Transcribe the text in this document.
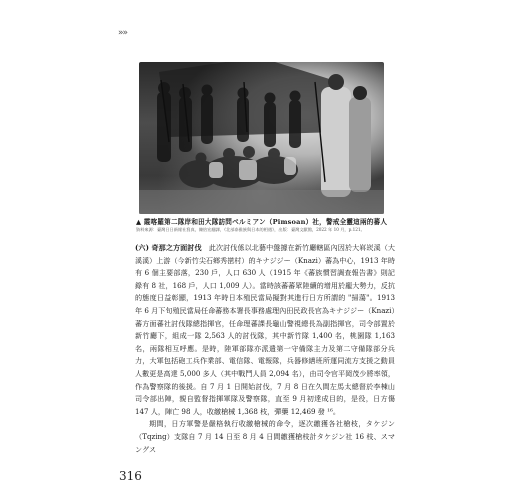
»»
▲ 霞喀羅第二隊岸和田大隊訪問ベルミアン（Pimsoan）社，警戒全靈這兩的蕃人
資料來源：臺灣日日新報社寫真，陳怡宏翻譯，《北部泰雅族與日本的相遇》，出版：臺灣文獻館，2022 年 10 月，p.121。

(六) 奇那之方面討伐　 此次討伐係以北藝中盤據在新竹廳轄區內因於大嵙崁溪（大溪溪）上游（今新竹尖石鄉秀巒村）的キナジジー（Knazi）蕃為中心，1913 年時有 6 個主要部落，230 戶，人口 630 人（1915 年《蕃族慣習調查報告書》則記錄有 8 社，168 戶，人口 1,009 人）。當時該蕃蕃眾陸續的增用於龐大勢力，反抗的態度日益彰顯，1913 年時日本殖民當局擬對其進行日方所謂的 "掃蕩"。1913 年 6 月下旬殖民當局任命蕃務本署長事務處理內田民政長官為キナジジー（Knazi）蕃方面蕃社討伐隊總指揮官，任命理蕃課長龜山警視總長為副指揮官，司令部置於新竹廳下，組成一隊 2,563 人的討伐隊，其中新竹隊 1,400 名，桃園隊 1,163 名，兩隊相互呼應。是時，陸軍部隊亦派遣第一守備隊主力及第二守備隊部分兵力，大軍包括砲工兵作業部、電信隊、電報隊，兵器修繕班所運同流方支援之動員人數更是高達 5,000 多人（其中戰鬥人員 2,094 名），由司令官平岡茂少將率領，作為警察隊的後援。自 7 月 1 日開始討伐，7 月 8 日在久間左馬太總督於李棟山司令部出陣，親自監督指揮軍隊及警察隊，直至 9 月初達成目的，是役，日方傷 147 人，陣亡 98 人，收繳槍械 1,368 枝，彈藥 12,469 發 ¹⁶。

期間，日方軍警是嚴格執行收繳槍械的命令，逐次繳獲各社槍枝，タケジン（Tqzing）支隊自 7 月 14 日至 8 月 4 日間繳獲槍枝計タケジン社 16 枝、スマングス

316
